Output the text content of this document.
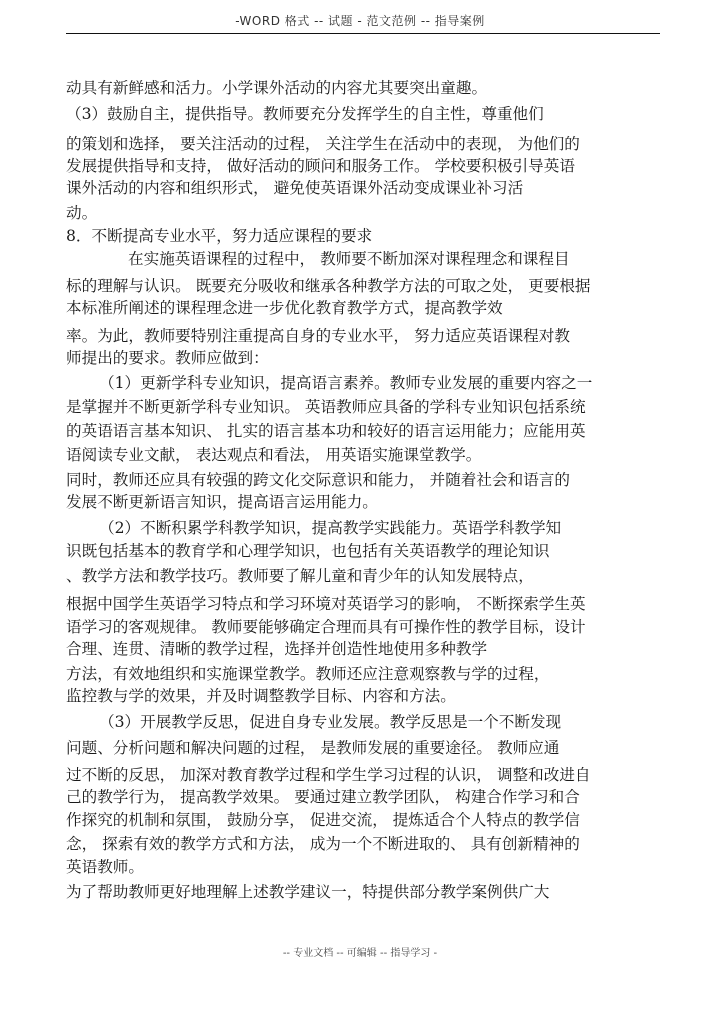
-WORD 格式 -- 试题 - 范文范例 -- 指导案例
动具有新鲜感和活力。小学课外活动的内容尤其要突出童趣。
（3）鼓励自主，提供指导。教师要充分发挥学生的自主性，尊重他们
的策划和选择， 要关注活动的过程， 关注学生在活动中的表现， 为他们的
发展提供指导和支持， 做好活动的顾问和服务工作。 学校要积极引导英语
课外活动的内容和组织形式， 避免使英语课外活动变成课业补习活
动。
8．不断提高专业水平，努力适应课程的要求
在实施英语课程的过程中， 教师要不断加深对课程理念和课程目
标的理解与认识。 既要充分吸收和继承各种教学方法的可取之处， 更要根据
本标准所阐述的课程理念进一步优化教育教学方式，提高教学效
率。为此，教师要特别注重提高自身的专业水平， 努力适应英语课程对教
师提出的要求。教师应做到：
（1）更新学科专业知识，提高语言素养。教师专业发展的重要内容之一
是掌握并不断更新学科专业知识。 英语教师应具备的学科专业知识包括系统
的英语语言基本知识、 扎实的语言基本功和较好的语言运用能力；应能用英
语阅读专业文献， 表达观点和看法， 用英语实施课堂教学。
同时，教师还应具有较强的跨文化交际意识和能力， 并随着社会和语言的
发展不断更新语言知识，提高语言运用能力。
（2）不断积累学科教学知识，提高教学实践能力。英语学科教学知
识既包括基本的教育学和心理学知识，也包括有关英语教学的理论知识
、教学方法和教学技巧。教师要了解儿童和青少年的认知发展特点，
根据中国学生英语学习特点和学习环境对英语学习的影响， 不断探索学生英
语学习的客观规律。 教师要能够确定合理而具有可操作性的教学目标，设计
合理、连贯、清晰的教学过程，选择并创造性地使用多种教学
方法，有效地组织和实施课堂教学。教师还应注意观察教与学的过程，
监控教与学的效果，并及时调整教学目标、内容和方法。
（3）开展教学反思，促进自身专业发展。教学反思是一个不断发现
问题、分析问题和解决问题的过程， 是教师发展的重要途径。 教师应通
过不断的反思， 加深对教育教学过程和学生学习过程的认识， 调整和改进自
己的教学行为， 提高教学效果。 要通过建立教学团队， 构建合作学习和合
作探究的机制和氛围， 鼓励分享， 促进交流， 提炼适合个人特点的教学信
念， 探索有效的教学方式和方法， 成为一个不断进取的、 具有创新精神的
英语教师。
为了帮助教师更好地理解上述教学建议一，特提供部分教学案例供广大
-- 专业文档 -- 可编辑 -- 指导学习 -
